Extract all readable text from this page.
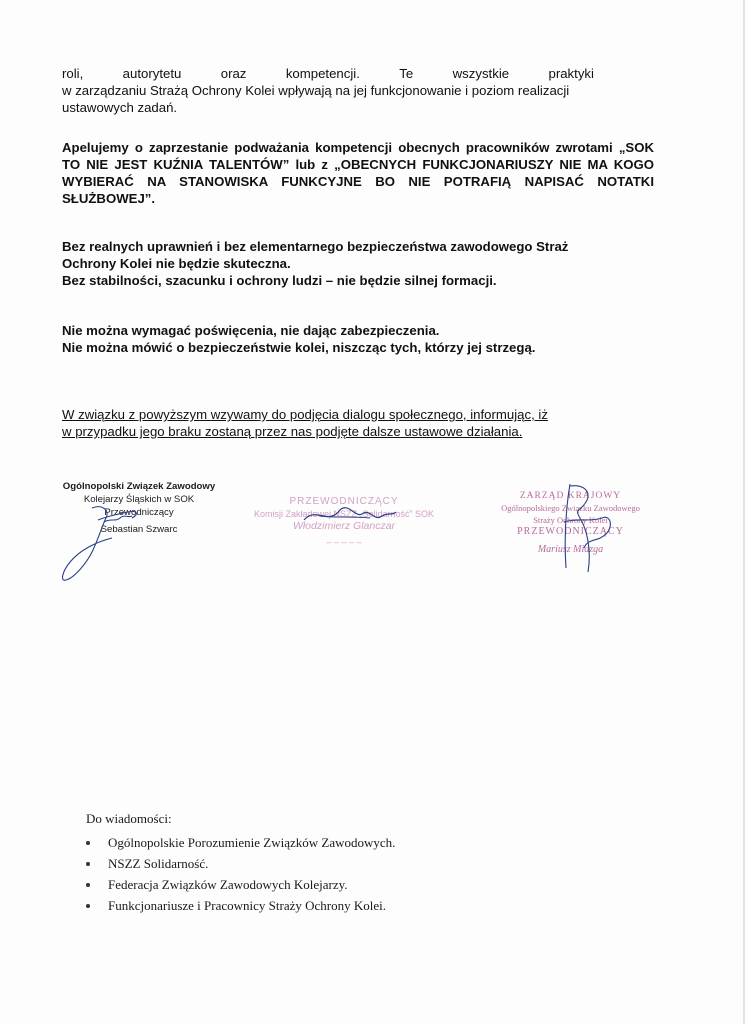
roli,	autorytetu	oraz	kompetencji.	Te	wszystkie	praktyki
w zarządzaniu Strażą Ochrony Kolei wpływają na jej funkcjonowanie i poziom realizacji
ustawowych zadań.

Apelujemy o zaprzestanie podważania kompetencji obecnych pracowników zwrotami „SOK TO NIE JEST KUŹNIA TALENTÓW” lub z „OBECNYCH FUNKCJONARIUSZY NIE MA KOGO WYBIERAĆ NA STANOWISKA FUNKCYJNE BO NIE POTRAFIĄ NAPISAĆ NOTATKI SŁUŻBOWEJ”.

Bez realnych uprawnień i bez elementarnego bezpieczeństwa zawodowego Straż
Ochrony Kolei nie będzie skuteczna.
Bez stabilności, szacunku i ochrony ludzi – nie będzie silnej formacji.
Nie można wymagać poświęcenia, nie dając zabezpieczenia.
Nie można mówić o bezpieczeństwie kolei, niszcząc tych, którzy jej strzegą.
W związku z powyższym wzywamy do podjęcia dialogu społecznego, informując, iż
w przypadku jego braku zostaną przez nas podjęte dalsze ustawowe działania.
Ogólnopolski Związek Zawodowy
Kolejarzy Śląskich w SOK
Przewodniczący
Sebastian Szwarc
PRZEWODNICZĄCY
Komisji Zakładowej NSZZ „Solidarność” SOK
Włodzimierz Glanczar
– – – – –
ZARZĄD KRAJOWY
Ogólnopolskiego Związku Zawodowego
Straży Ochrony Kolei
PRZEWODNICZĄCY
Mariusz Miazga
Do wiadomości:
Ogólnopolskie Porozumienie Związków Zawodowych.
NSZZ Solidarność.
Federacja Związków Zawodowych Kolejarzy.
Funkcjonariusze i Pracownicy Straży Ochrony Kolei.
